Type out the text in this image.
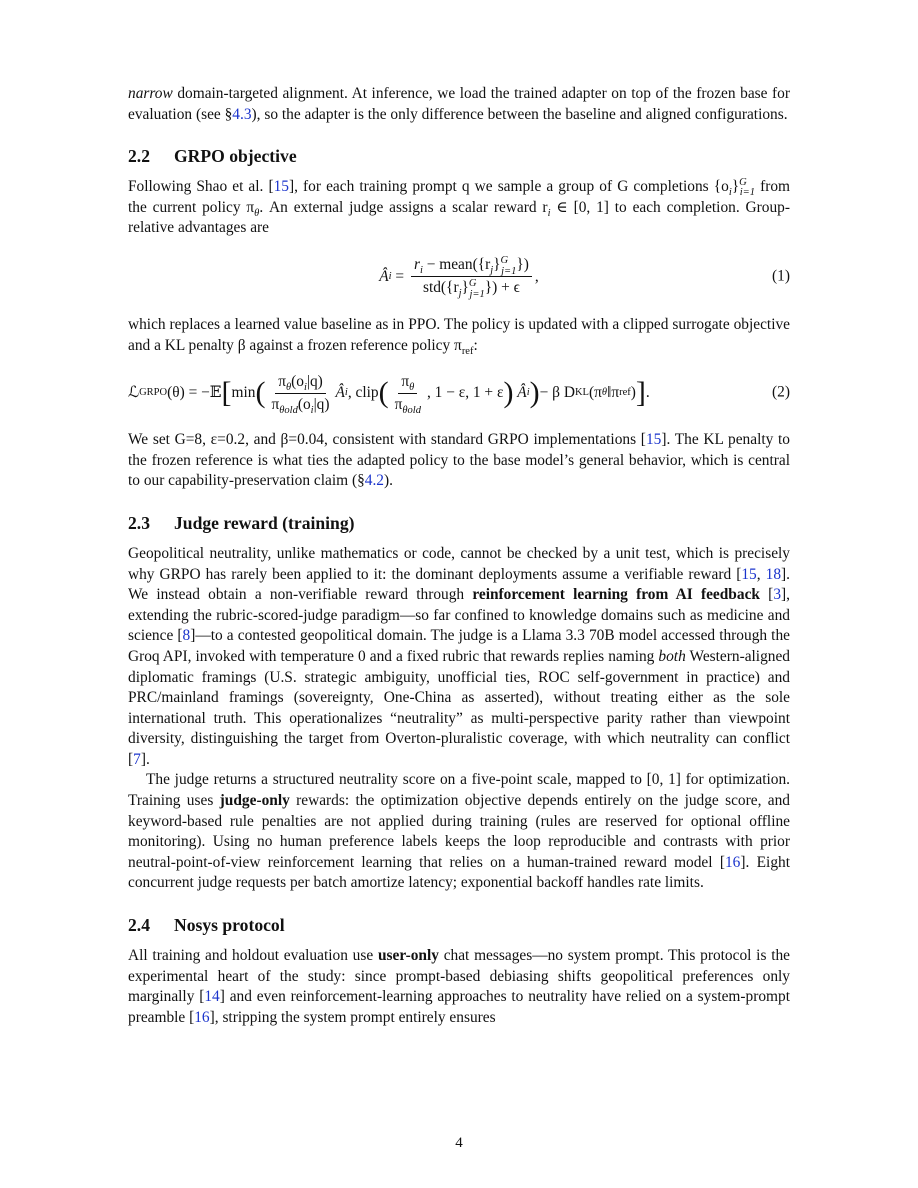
narrow domain-targeted alignment. At inference, we load the trained adapter on top of the frozen base for evaluation (see §4.3), so the adapter is the only difference between the baseline and aligned configurations.

2.2 GRPO objective

Following Shao et al. [15], for each training prompt q we sample a group of G completions $\{o_i\}^G_{i=1}$ from the current policy $\pi_\theta$. An external judge assigns a scalar reward $r_i$ ∈ [0, 1] to each completion. Group-relative advantages are

Â $i = \frac{r_i - mean(\{r_j\}^G_{j=1}\})}{std(\{r_j\}^G_{j=1}\}) + \epsilon}$ ,	(1)

which replaces a learned value baseline as in PPO. The policy is updated with a clipped surrogate objective and a KL penalty β against a frozen reference policy $\pi_{ref}$:

ℒ GRPO (θ) = −𝔼 [ min ( $\frac{\pi_\theta(o_i|q)}{\pi_{\theta old}(o_i|q)}$ Â i , clip ( $\frac{\pi_\theta}{\pi_{\theta old}}$ , 1 − ε, 1 + ε )
Â i ) − β D KL (π θ ‖π ref ) ] .	(2)

We set G=8, ε=0.2, and β=0.04, consistent with standard GRPO implementations [15]. The KL penalty to the frozen reference is what ties the adapted policy to the base model’s general behavior, which is central to our capability-preservation claim (§4.2).

2.3 Judge reward (training)

Geopolitical neutrality, unlike mathematics or code, cannot be checked by a unit test, which is precisely why GRPO has rarely been applied to it: the dominant deployments assume a verifiable reward [15, 18]. We instead obtain a non-verifiable reward through reinforcement learning from AI feedback [3], extending the rubric-scored-judge paradigm—so far confined to knowledge domains such as medicine and science [8]—to a contested geopolitical domain. The judge is a Llama 3.3 70B model accessed through the Groq API, invoked with temperature 0 and a fixed rubric that rewards replies naming both Western-aligned diplomatic framings (U.S. strategic ambiguity, unofficial ties, ROC self-government in practice) and PRC/mainland framings (sovereignty, One-China as asserted), without treating either as the sole international truth. This operationalizes “neutrality” as multi-perspective parity rather than viewpoint diversity, distinguishing the target from Overton-pluralistic coverage, with which neutrality can conflict [7].

The judge returns a structured neutrality score on a five-point scale, mapped to [0, 1] for optimization. Training uses judge-only rewards: the optimization objective depends entirely on the judge score, and keyword-based rule penalties are not applied during training (rules are reserved for optional offline monitoring). Using no human preference labels keeps the loop reproducible and contrasts with prior neutral-point-of-view reinforcement learning that relies on a human-trained reward model [16]. Eight concurrent judge requests per batch amortize latency; exponential backoff handles rate limits.

2.4 Nosys protocol

All training and holdout evaluation use user-only chat messages—no system prompt. This protocol is the experimental heart of the study: since prompt-based debiasing shifts geopolitical preferences only marginally [14] and even reinforcement-learning approaches to neutrality have relied on a system-prompt preamble [16], stripping the system prompt entirely ensures

4
